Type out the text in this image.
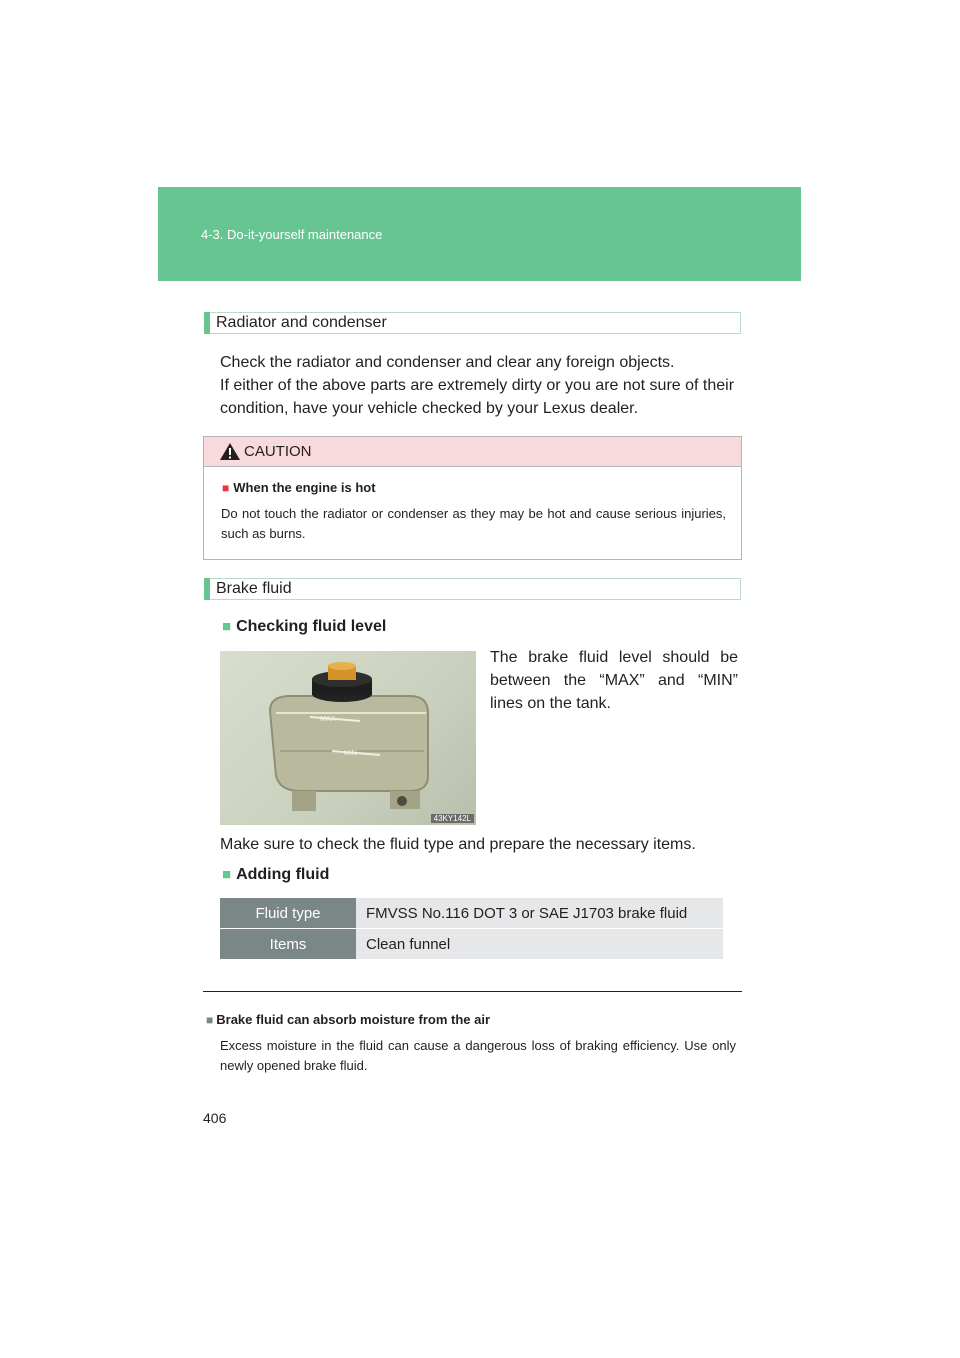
4-3. Do-it-yourself maintenance
Radiator and condenser
Check the radiator and condenser and clear any foreign objects.
If either of the above parts are extremely dirty or you are not sure of their
condition, have your vehicle checked by your Lexus dealer.
CAUTION
■ When the engine is hot
Do not touch the radiator or condenser as they may be hot and cause serious injuries, such as burns.
Brake fluid
■ Checking fluid level
MAX
MIN
43KY142L
The brake fluid level should be between the “MAX” and “MIN” lines on the tank.
Make sure to check the fluid type and prepare the necessary items.
■ Adding fluid
Fluid type	FMVSS No.116 DOT 3 or SAE J1703 brake fluid
Items	Clean funnel
■ Brake fluid can absorb moisture from the air
Excess moisture in the fluid can cause a dangerous loss of braking efficiency. Use only newly opened brake fluid.
406
